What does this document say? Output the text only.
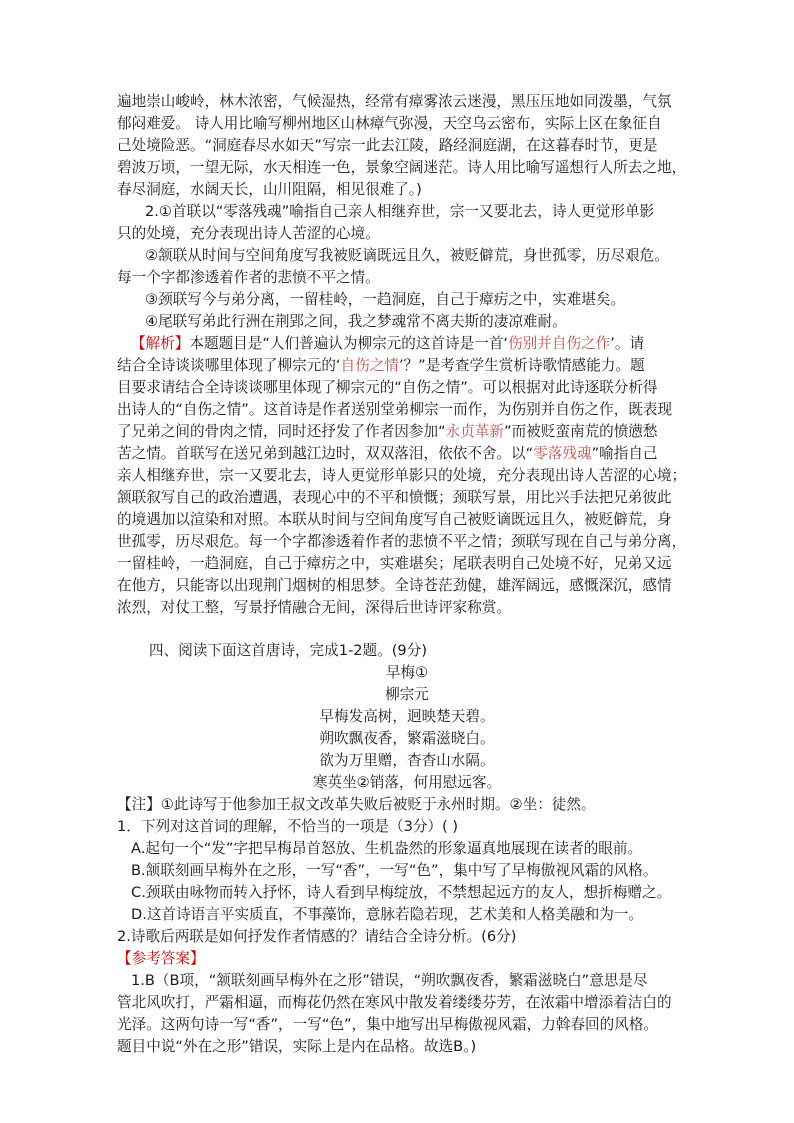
遍地崇山峻岭，林木浓密，气候湿热，经常有瘴雾浓云迷漫，黑压压地如同泼墨，气氛
郁闷难爱。 诗人用比喻写柳州地区山林瘴气弥漫，天空乌云密布，实际上区在象征自
己处境险恶。“洞庭春尽水如天”写宗一此去江陵，路经洞庭湖，在这暮春时节，更是
碧波万顷，一望无际，水天相连一色，景象空阔迷茫。诗人用比喻写遥想行人所去之地，
春尽洞庭，水阔天长，山川阻隔，相见很难了。)
2.①首联以“零落残魂”喻指自己亲人相继弃世，宗一又要北去，诗人更觉形单影
只的处境，充分表现出诗人苦涩的心境。
②颔联从时间与空间角度写我被贬谪既远且久，被贬僻荒，身世孤零，历尽艰危。
每一个字都渗透着作者的悲愤不平之情。
③颈联写今与弟分离，一留桂岭，一趋洞庭，自己于瘴疠之中，实难堪矣。
④尾联写弟此行洲在荆郢之间，我之梦魂常不离夫斯的凄凉难耐。
【解析】本题题目是“人们普遍认为柳宗元的这首诗是一首‘伤别并自伤之作’。请
结合全诗谈谈哪里体现了柳宗元的‘自伤之情’？”是考查学生赏析诗歌情感能力。题
目要求请结合全诗谈谈哪里体现了柳宗元的“自伤之情”。可以根据对此诗逐联分析得
出诗人的“自伤之情”。这首诗是作者送别堂弟柳宗一而作，为伤别并自伤之作，既表现
了兄弟之间的骨肉之情，同时还抒发了作者因参加“永贞革新”而被贬蛮南荒的愤懑愁
苦之情。首联写在送兄弟到越江边时，双双落泪，依依不舍。以“零落残魂”喻指自己
亲人相继弃世，宗一又要北去，诗人更觉形单影只的处境，充分表现出诗人苦涩的心境；
颔联叙写自己的政治遭遇，表现心中的不平和愤慨；颈联写景，用比兴手法把兄弟彼此
的境遇加以渲染和对照。本联从时间与空间角度写自己被贬谪既远且久，被贬僻荒，身
世孤零，历尽艰危。每一个字都渗透着作者的悲愤不平之情；颈联写现在自己与弟分离，
一留桂岭，一趋洞庭，自己于瘴疠之中，实难堪矣；尾联表明自己处境不好，兄弟又远
在他方，只能寄以出现荆门烟树的相思梦。全诗苍茫劲健，雄浑阔远，感慨深沉，感情
浓烈，对仗工整，写景抒情融合无间，深得后世诗评家称赏。
四、阅读下面这首唐诗，完成1-2题。(9分)
早梅①
柳宗元
早梅发高树，迥映楚天碧。
朔吹飘夜香，繁霜滋晓白。
欲为万里赠，杳杳山水隔。
寒英坐②销落，何用慰远客。
【注】①此诗写于他参加王叔文改革失败后被贬于永州时期。②坐：徒然。
1．下列对这首词的理解，不恰当的一项是（3分）( )
A.起句一个“发”字把早梅昂首怒放、生机盎然的形象逼真地展现在读者的眼前。
B.颔联刻画早梅外在之形，一写“香”，一写“色”，集中写了早梅傲视风霜的风格。
C.颈联由咏物而转入抒怀，诗人看到早梅绽放，不禁想起远方的友人，想折梅赠之。
D.这首诗语言平实质直，不事藻饰，意脉若隐若现，艺术美和人格美融和为一。
2.诗歌后两联是如何抒发作者情感的？请结合全诗分析。(6分)
【参考答案】
1.B（B项，“颔联刻画早梅外在之形”错误，“朔吹飘夜香，繁霜滋晓白”意思是尽
管北风吹打，严霜相逼，而梅花仍然在寒风中散发着缕缕芬芳，在浓霜中增添着洁白的
光泽。这两句诗一写“香”，一写“色”，集中地写出早梅傲视风霜，力斡春回的风格。
题目中说“外在之形”错误，实际上是内在品格。故选B。)
